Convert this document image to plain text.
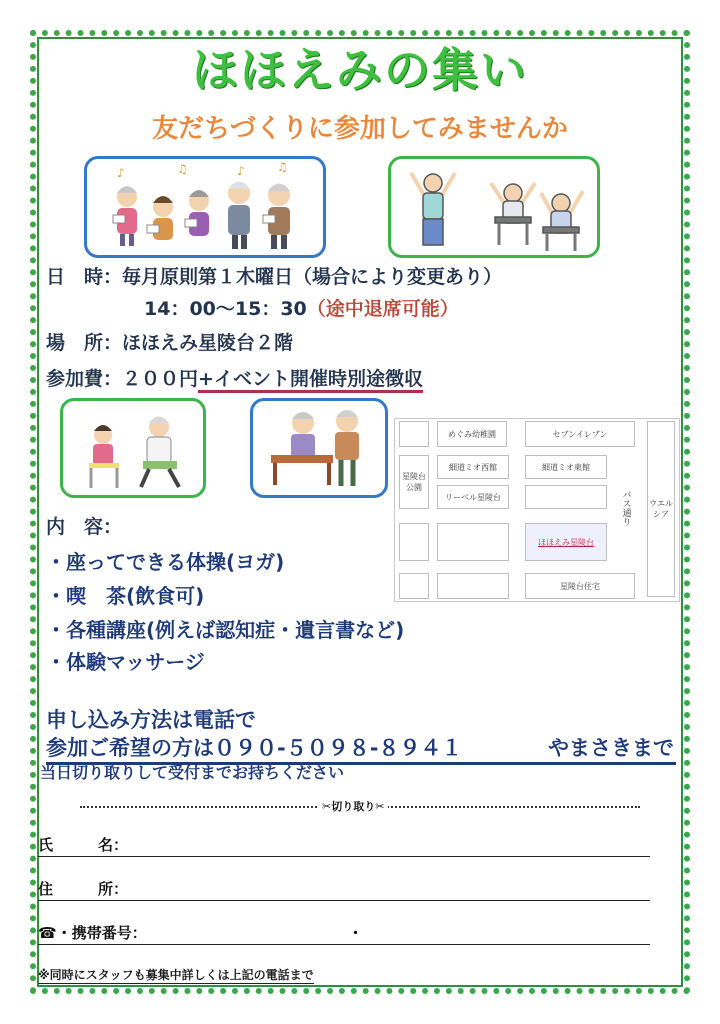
ほほえみの集い
友だちづくりに参加してみませんか
♪	♫	♪	♫
日　時：毎月原則第１木曜日（場合により変更あり）
14：00～15：30（途中退席可能）
場　所：ほほえみ星陵台２階
参加費：２００円+イベント開催時別途徴収
めぐみ幼稚園	セブンイレブン
星陵台公園
細道ミオ西館	細道ミオ東館
リーベル星陵台
ほほえみ星陵台
星陵台住宅
バス通り	ウエルシア
内　容：
・座ってできる体操(ヨガ)
・喫　茶(飲食可)
・各種講座(例えば認知症・遺言書など)
・体験マッサージ
申し込み方法は電話で
参加ご希望の方は０９０-５０９８-８９４１	やまさきまで
当日切り取りして受付までお持ちください
✂切り取り✂
氏　　　名：
住　　　所：
☎・携帯番号：	・
※同時にスタッフも募集中詳しくは上記の電話まで
